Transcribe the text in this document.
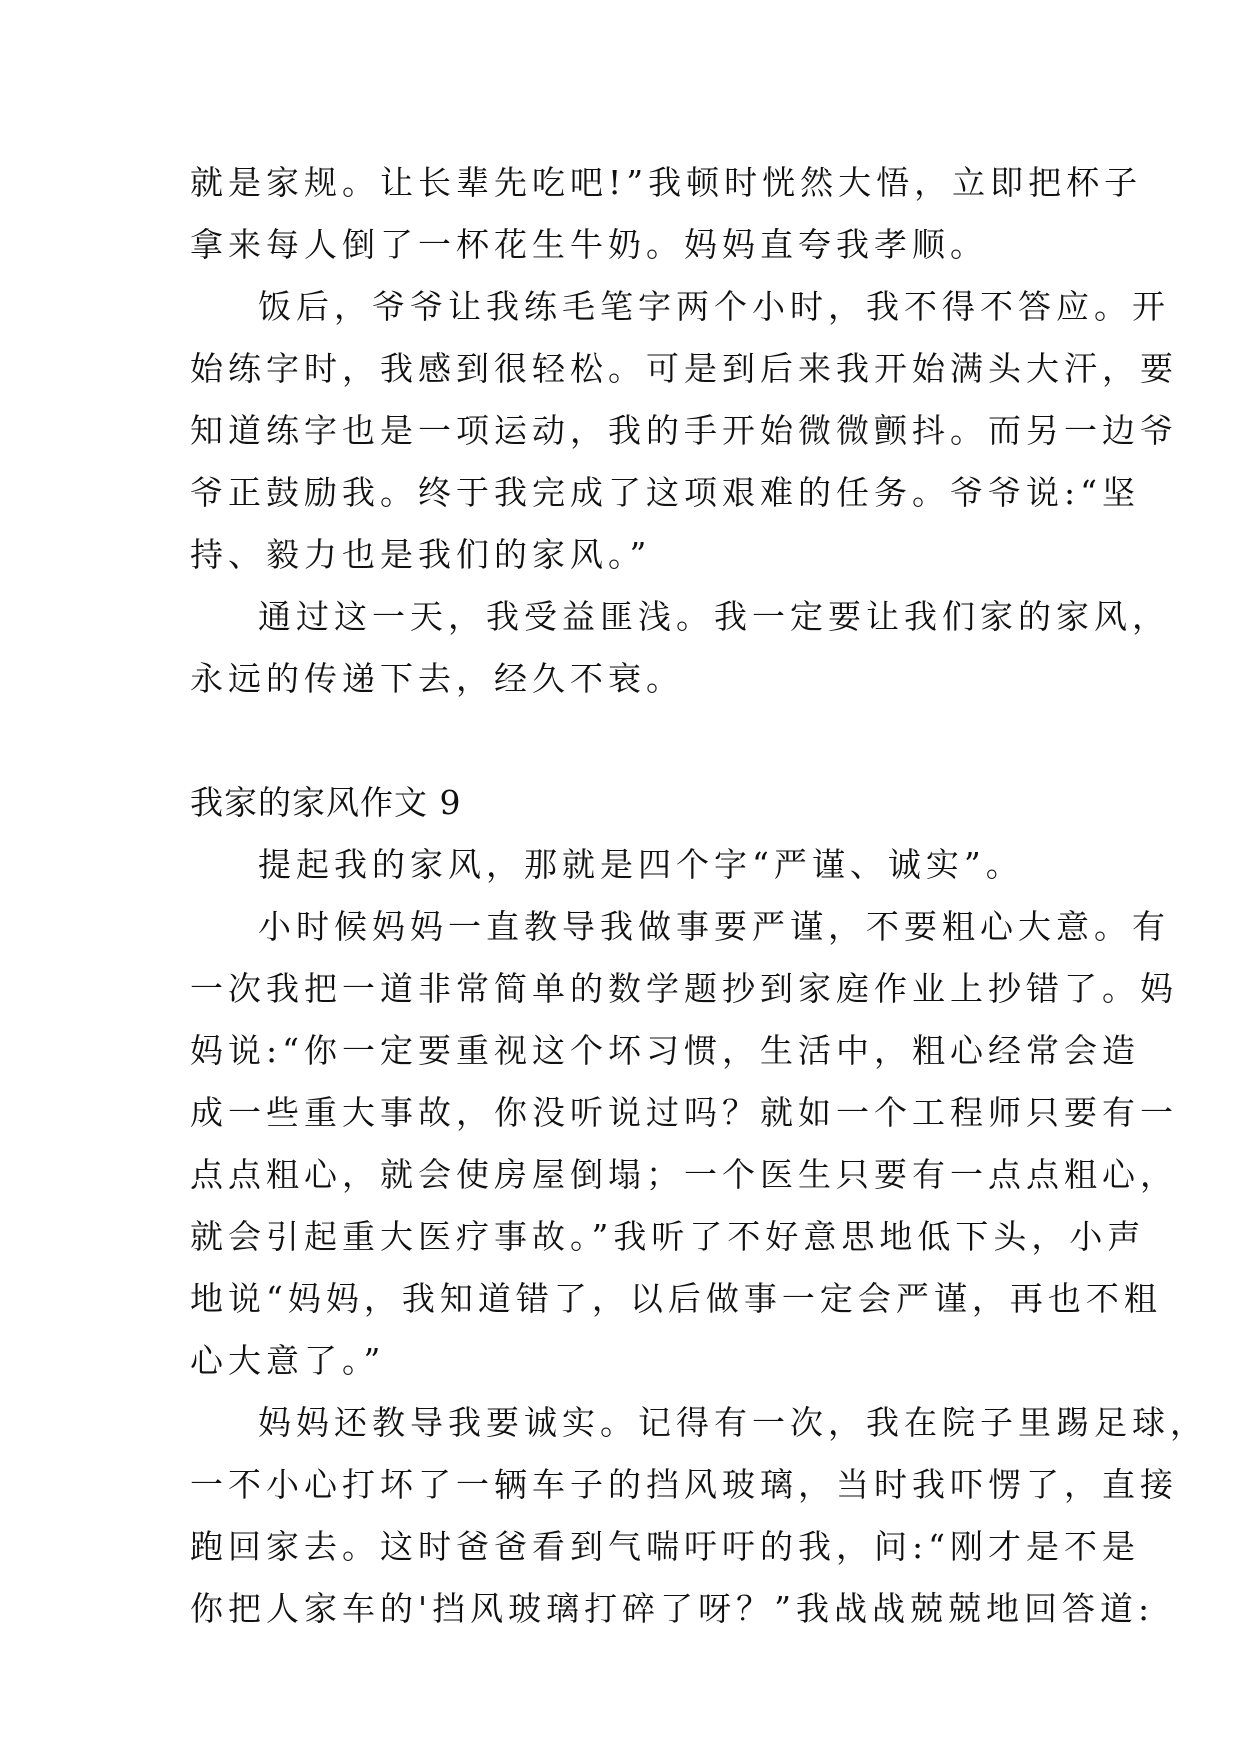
就是家规。让长辈先吃吧!”我顿时恍然大悟，立即把杯子
拿来每人倒了一杯花生牛奶。妈妈直夸我孝顺。
饭后，爷爷让我练毛笔字两个小时，我不得不答应。开
始练字时，我感到很轻松。可是到后来我开始满头大汗，要
知道练字也是一项运动，我的手开始微微颤抖。而另一边爷
爷正鼓励我。终于我完成了这项艰难的任务。爷爷说:“坚
持、毅力也是我们的家风。”
通过这一天，我受益匪浅。我一定要让我们家的家风，
永远的传递下去，经久不衰。
我家的家风作文 9
提起我的家风，那就是四个字“严谨、诚实”。
小时候妈妈一直教导我做事要严谨，不要粗心大意。有
一次我把一道非常简单的数学题抄到家庭作业上抄错了。妈
妈说:“你一定要重视这个坏习惯，生活中，粗心经常会造
成一些重大事故，你没听说过吗？就如一个工程师只要有一
点点粗心，就会使房屋倒塌；一个医生只要有一点点粗心，
就会引起重大医疗事故。”我听了不好意思地低下头，小声
地说“妈妈，我知道错了，以后做事一定会严谨，再也不粗
心大意了。”
妈妈还教导我要诚实。记得有一次，我在院子里踢足球，
一不小心打坏了一辆车子的挡风玻璃，当时我吓愣了，直接
跑回家去。这时爸爸看到气喘吁吁的我，问:“刚才是不是
你把人家车的'挡风玻璃打碎了呀？”我战战兢兢地回答道:
